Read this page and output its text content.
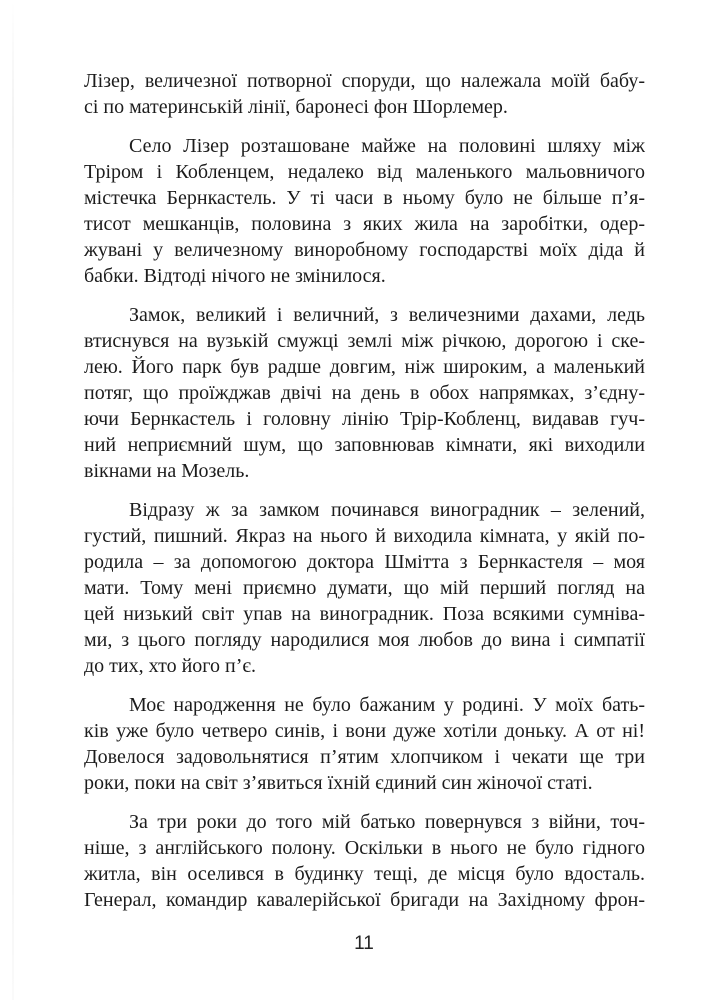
Лізер, величезної потворної споруди, що належала моїй бабу-
сі по материнській лінії, баронесі фон Шорлемер.

Село Лізер розташоване майже на половині шляху між
Тріром і Кобленцем, недалеко від маленького мальовничого
містечка Бернкастель. У ті часи в ньому було не більше п’я-
тисот мешканців, половина з яких жила на заробітки, одер-
жувані у величезному виноробному господарстві моїх діда й
бабки. Відтоді нічого не змінилося.

Замок, великий і величний, з величезними дахами, ледь
втиснувся на вузькій смужці землі між річкою, дорогою і ске-
лею. Його парк був радше довгим, ніж широким, а маленький
потяг, що проїжджав двічі на день в обох напрямках, з’єдну-
ючи Бернкастель і головну лінію Трір-Кобленц, видавав гуч-
ний неприємний шум, що заповнював кімнати, які виходили
вікнами на Мозель.

Відразу ж за замком починався виноградник – зелений,
густий, пишний. Якраз на нього й виходила кімната, у якій по-
родила – за допомогою доктора Шмітта з Бернкастеля – моя
мати. Тому мені приємно думати, що мій перший погляд на
цей низький світ упав на виноградник. Поза всякими сумніва-
ми, з цього погляду народилися моя любов до вина і симпатії
до тих, хто його п’є.

Моє народження не було бажаним у родині. У моїх бать-
ків уже було четверо синів, і вони дуже хотіли доньку. А от ні!
Довелося задовольнятися п’ятим хлопчиком і чекати ще три
роки, поки на світ з’явиться їхній єдиний син жіночої статі.

За три роки до того мій батько повернувся з війни, точ-
ніше, з англійського полону. Оскільки в нього не було гідного
житла, він оселився в будинку тещі, де місця було вдосталь.
Генерал, командир кавалерійської бригади на Західному фрон-

11
